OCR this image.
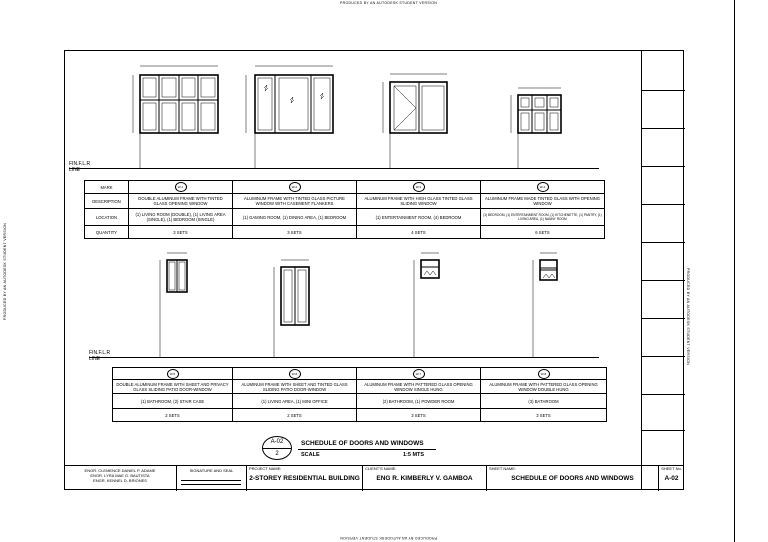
PRODUCED BY AN AUTODESK STUDENT VERSION
PRODUCED BY AN AUTODESK STUDENT VERSION
PRODUCED BY AN AUTODESK STUDENT VERSION
PRODUCED BY AN AUTODESK STUDENT VERSION
FIN.F.L.R
LINE
MARK	W-1	W-2	W-3	W-4
DESCRIPTION	DOUBLE ALUMINUM FRAME WITH TINTED GLASS OPENING WINDOW	ALUMINUM FRAME WITH TINTED GLASS PICTURE WINDOW WITH CASEMENT FLANKERS	ALUMINUM FRAME WITH HIGH GLASS TINTED GLASS SLIDING WINDOW	ALUMINUM FRAME MADE TINTED GLASS WITH OPENING WINDOW
LOCATION	(1) LIVING ROOM (DOUBLE), (1) LIVING AREA (SINGLE), (1) BEDROOM (SINGLE)	(1) GAMING ROOM, (1) DINING AREA, (1) BEDROOM	(1) ENTERTAINMENT ROOM, (4) BEDROOM	(1) BEDROOM, (1) ENTERTAINMENT ROOM, (1) KITCHENETTE, (1) PANTRY, (1) LIVING AREA, (1) NANNY ROOM
QUANTITY	3 SETS	3 SETS	4 SETS	6 SETS
FIN.F.L.R
LINE
W-5	W-6	W-7	W-8
DOUBLE ALUMINUM FRAME WITH SHEET AND PRIVACY GLASS SLIDING PATIO DOOR-WINDOW	ALUMINUM FRAME WITH SHEET AND TINTED GLASS SLIDING PATIO DOOR-WINDOW	ALUMINUM FRAME WITH PATTERED GLASS OPENING WINDOW SINGLE HUNG	ALUMINUM FRAME WITH PATTERED GLASS OPENING WINDOW DOUBLE HUNG
(1) BATHROOM, (2) STAIR CASE	(1) LIVING AREA, (1) MINI OFFICE	(2) BATHROOM, (1) POWDER ROOM	(3) BATHROOM
2 SETS	2 SETS	3 SETS	3 SETS
A-02
2
SCHEDULE OF DOORS AND WINDOWS
SCALE	1:5 MTS
ENGR. CLEMENCE DANIEL P. ADAME
ENGR. LYRA MAE G. BAUTISTA
ENGR. KENNEL D. BRIONES
SIGNATURE AND SEAL	PROJECT NAME:
2-STOREY RESIDENTIAL BUILDING
CLIENT'S NAME:
ENG R. KIMBERLY V. GAMBOA
SHEET NAME:
SCHEDULE OF DOORS AND WINDOWS
SHEET No.
A-02
